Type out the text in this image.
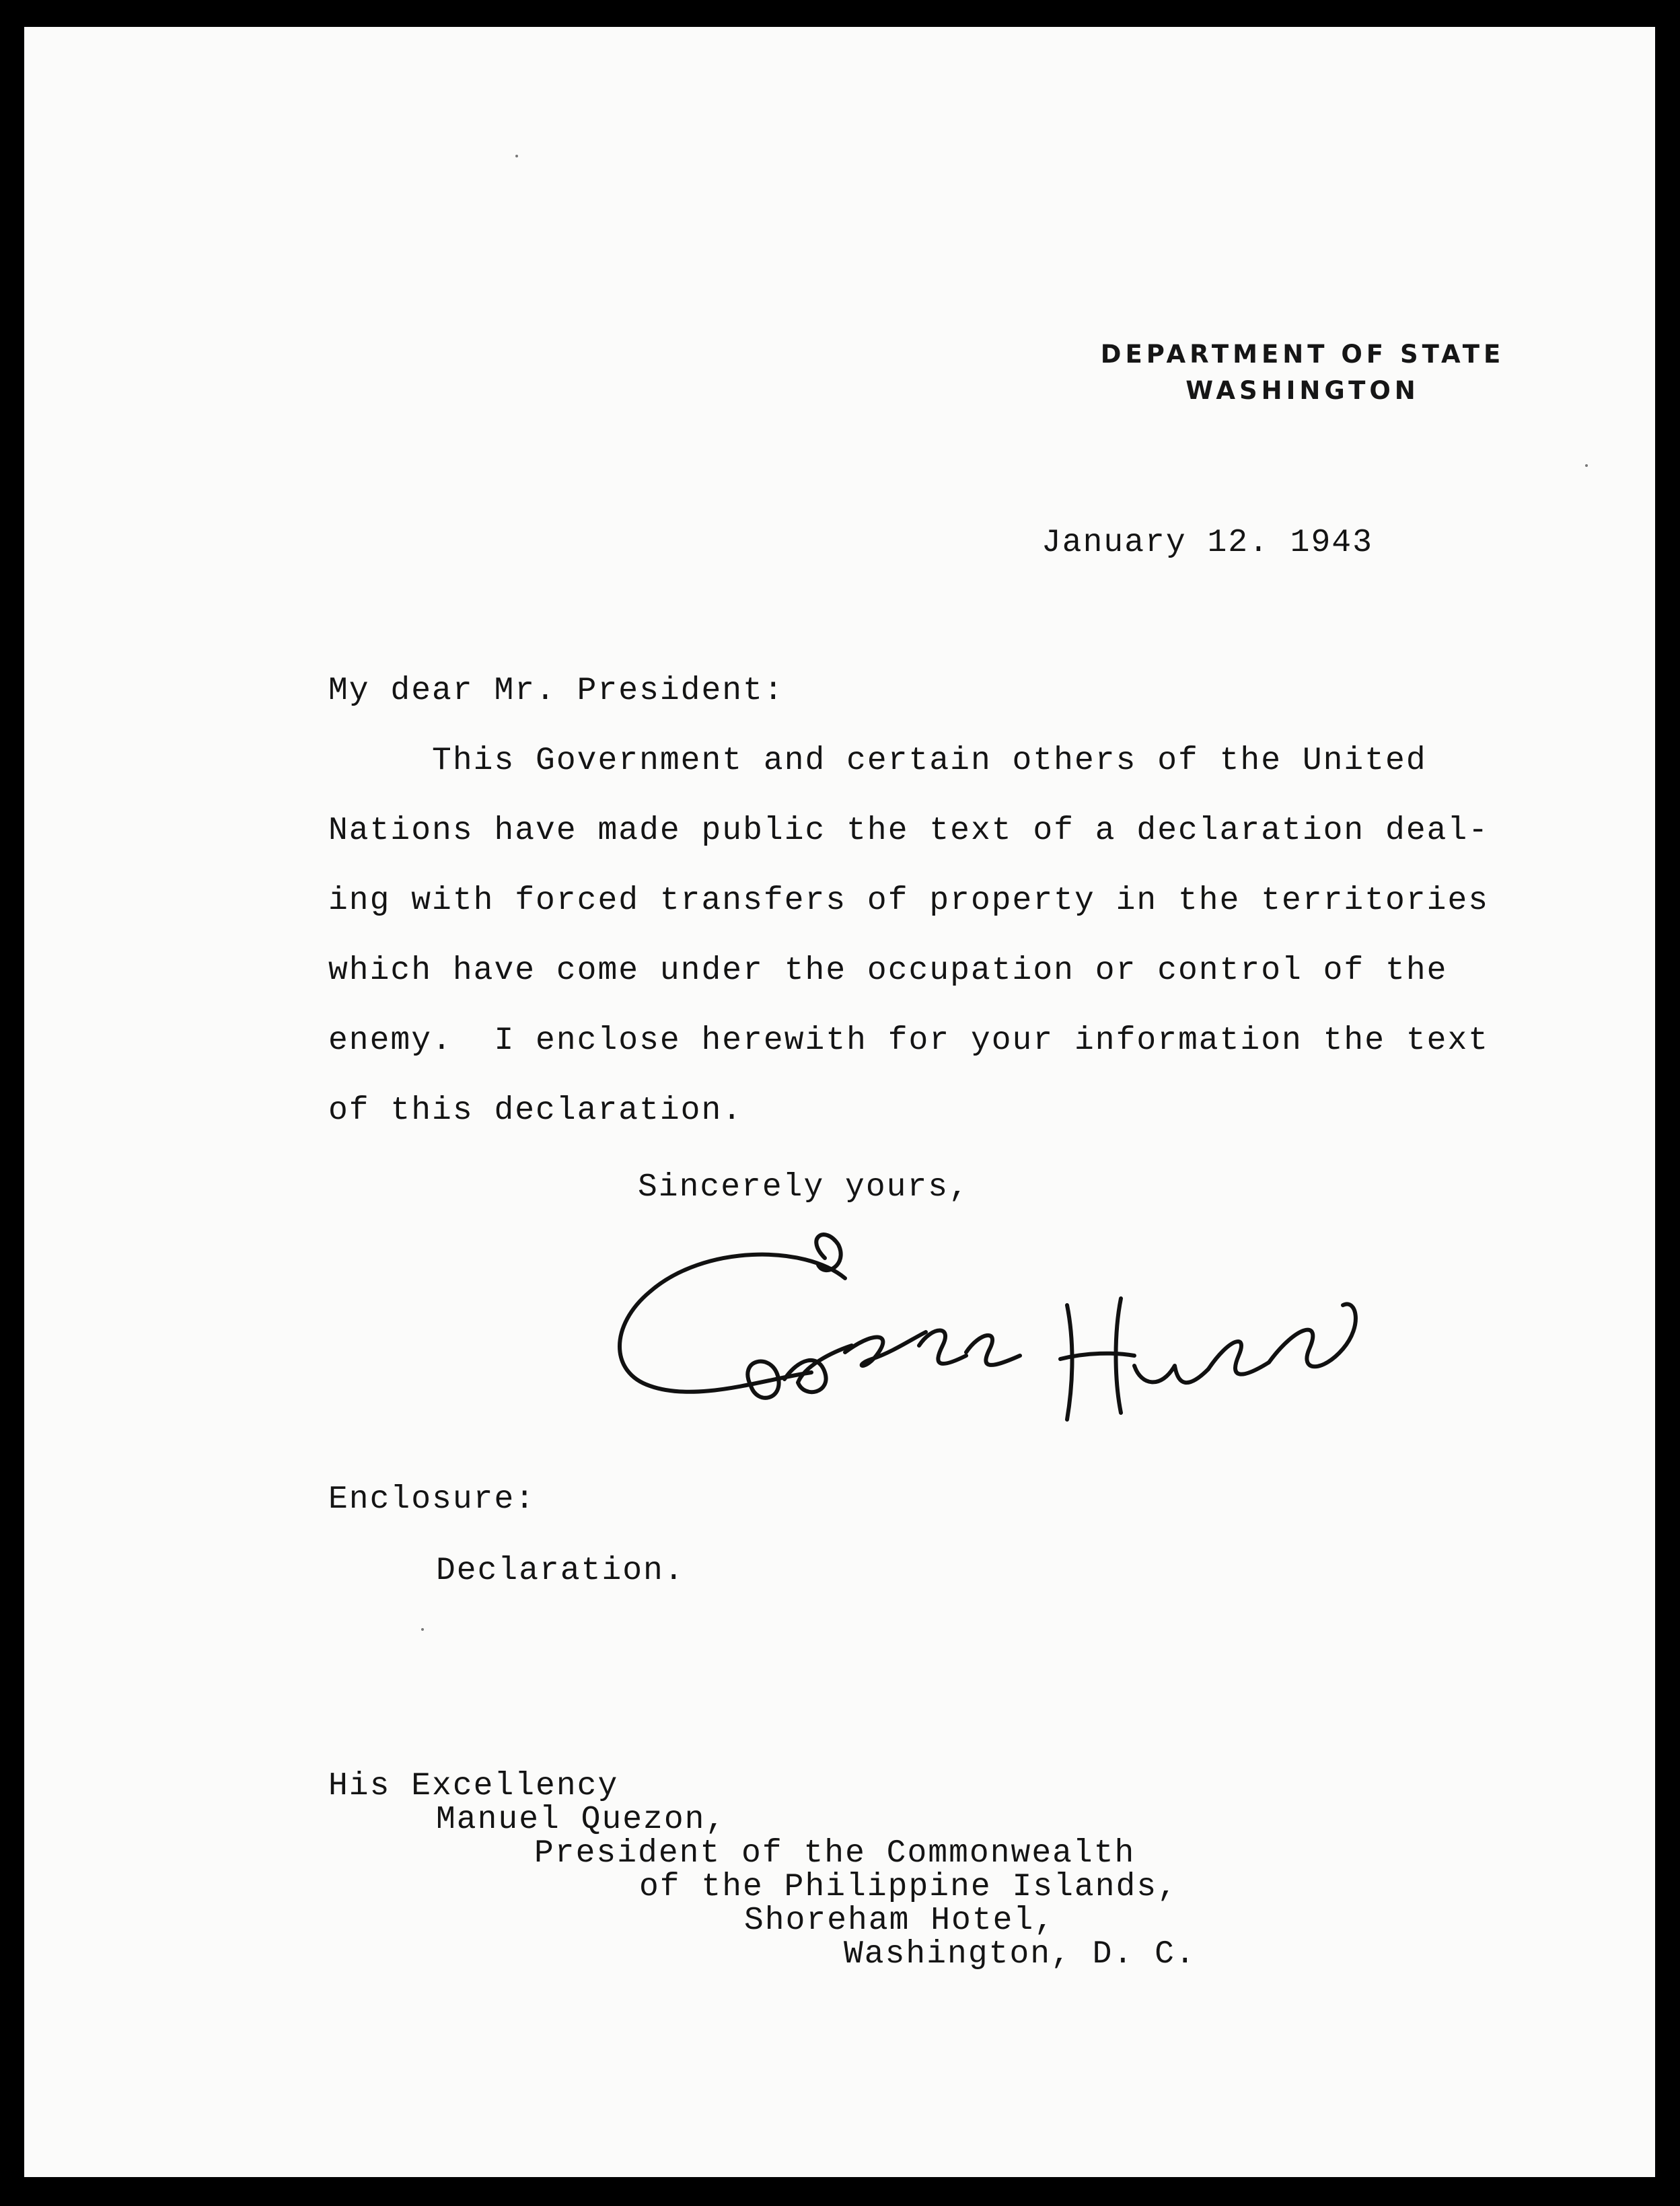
DEPARTMENT OF STATE
WASHINGTON
January 12. 1943
My dear Mr. President:
This Government and certain others of the United
Nations have made public the text of a declaration deal-
ing with forced transfers of property in the territories
which have come under the occupation or control of the
enemy.  I enclose herewith for your information the text
of this declaration.
Sincerely yours,
Enclosure:
Declaration.
His Excellency
Manuel Quezon,
President of the Commonwealth
of the Philippine Islands,
Shoreham Hotel,
Washington, D. C.
